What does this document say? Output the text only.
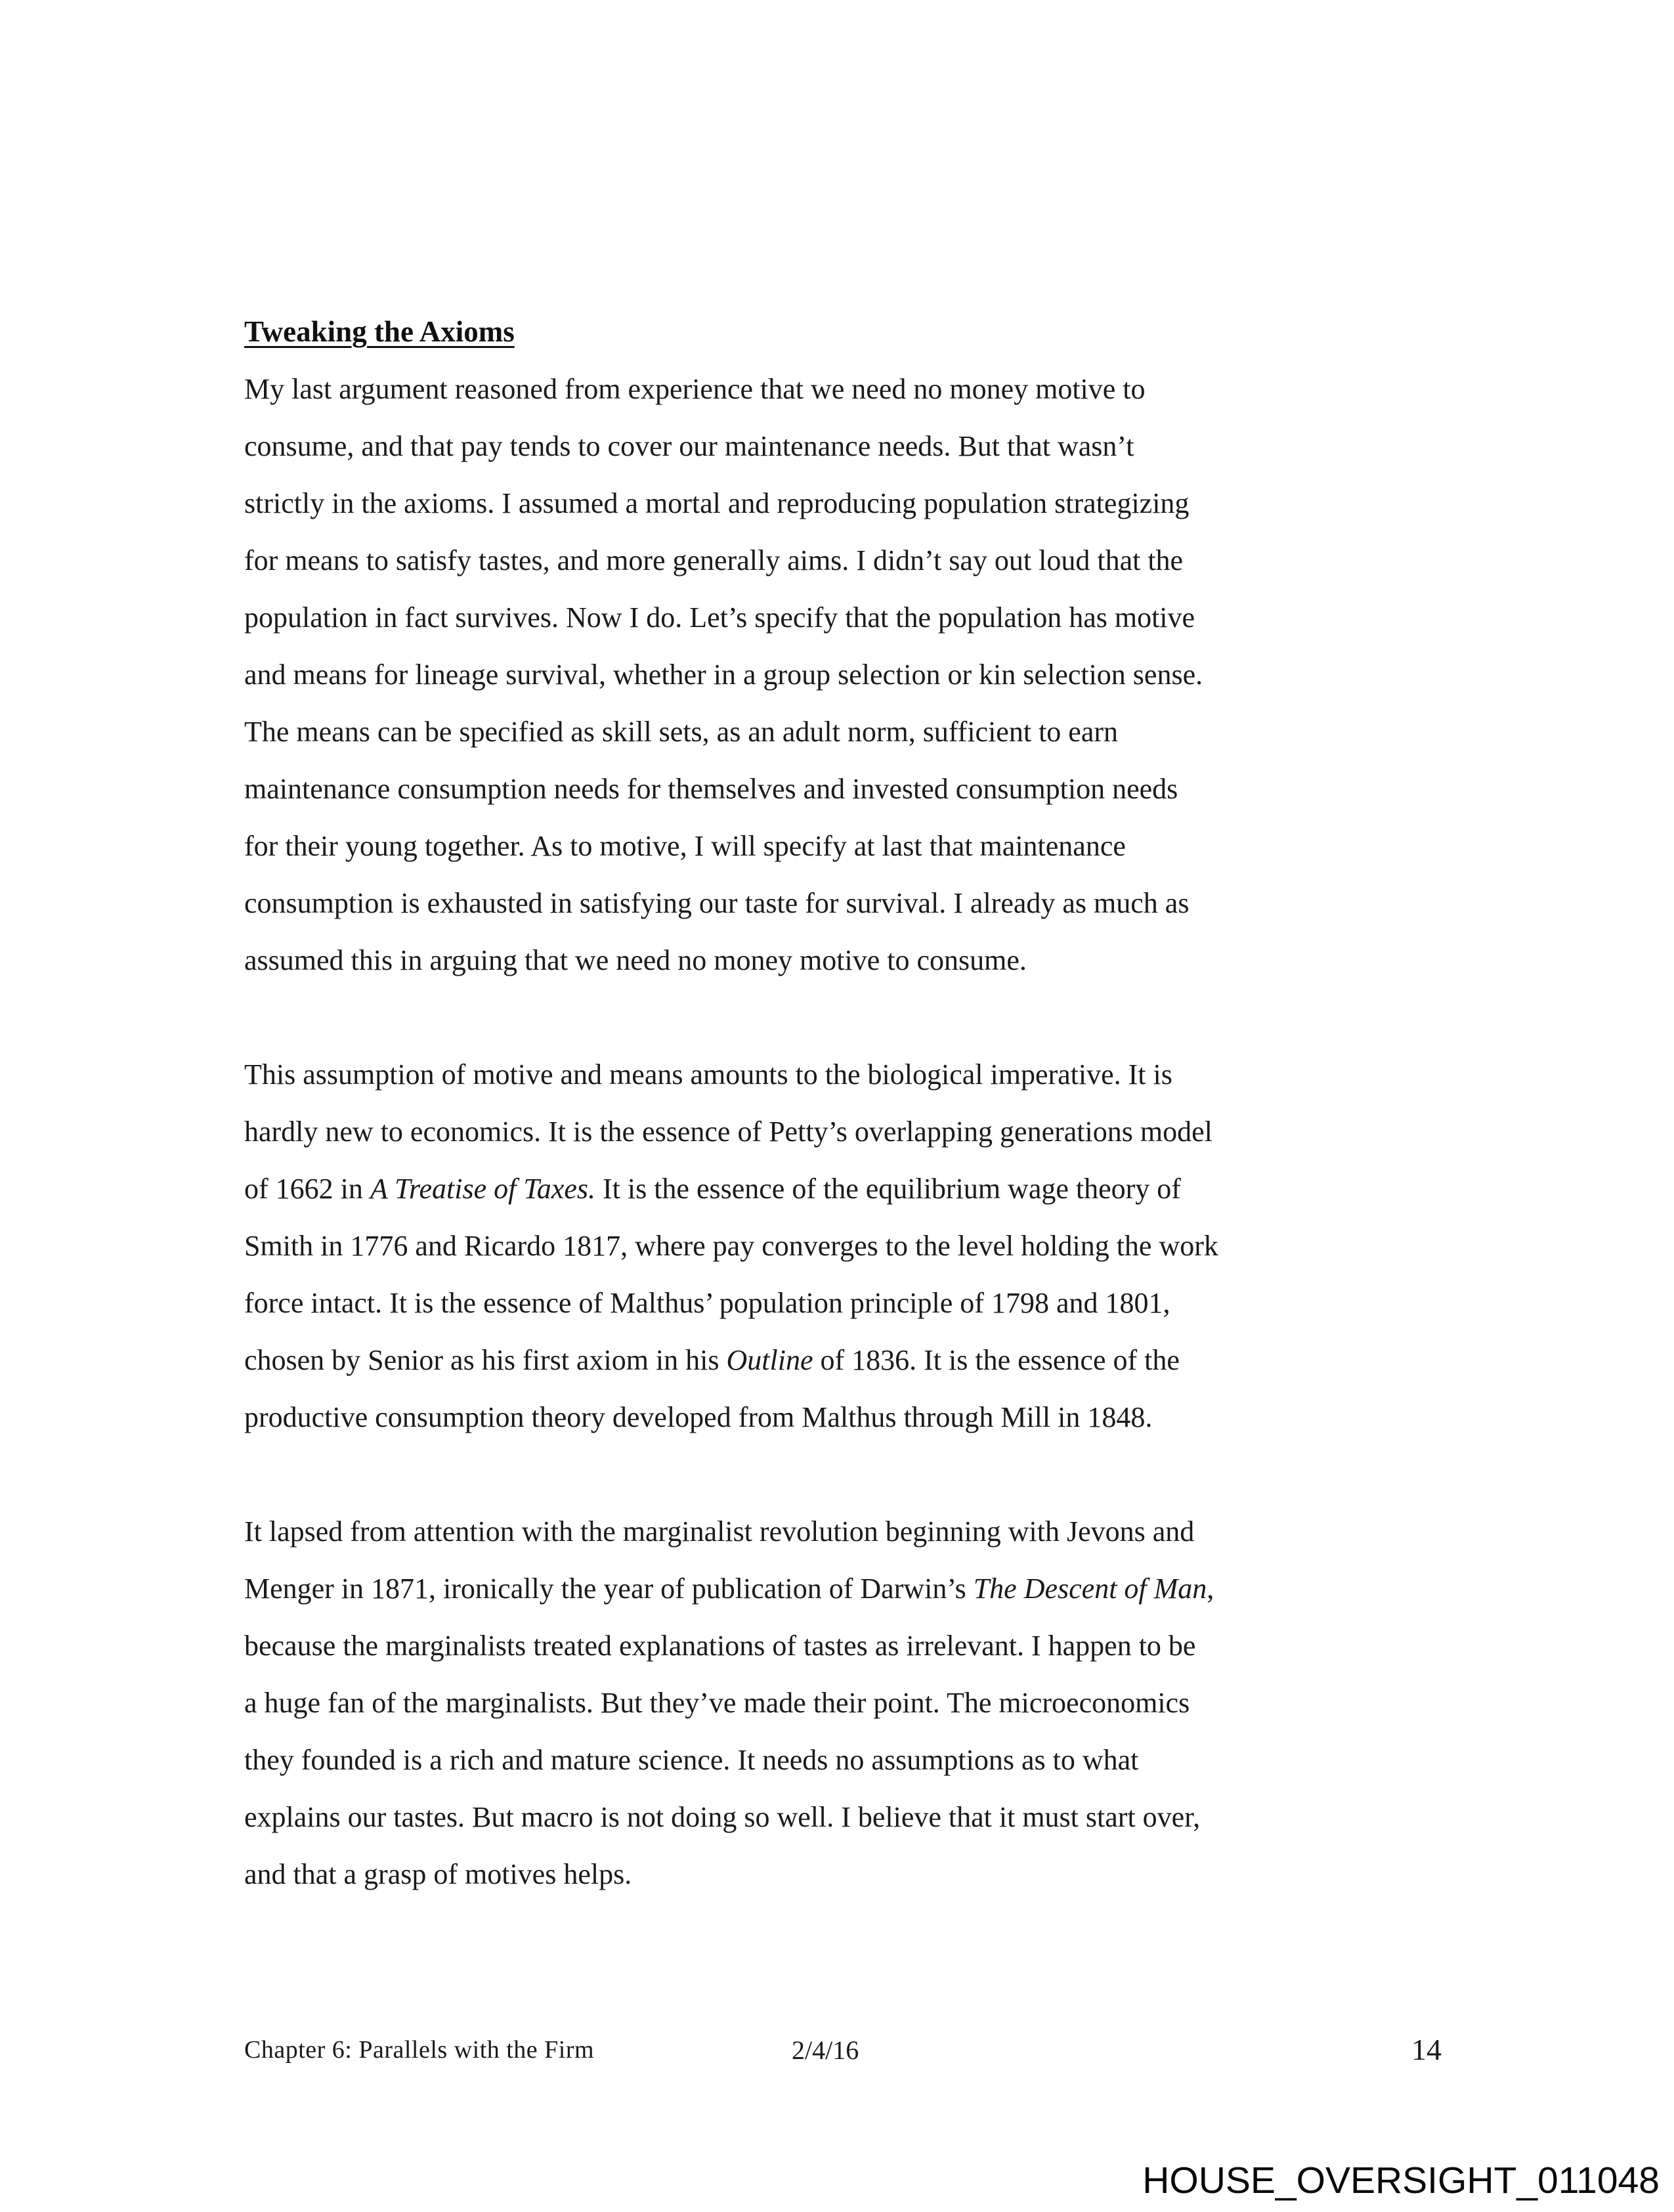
Tweaking the Axioms
My last argument reasoned from experience that we need no money motive to
consume, and that pay tends to cover our maintenance needs. But that wasn’t
strictly in the axioms. I assumed a mortal and reproducing population strategizing
for means to satisfy tastes, and more generally aims. I didn’t say out loud that the
population in fact survives. Now I do. Let’s specify that the population has motive
and means for lineage survival, whether in a group selection or kin selection sense.
The means can be specified as skill sets, as an adult norm, sufficient to earn
maintenance consumption needs for themselves and invested consumption needs
for their young together. As to motive, I will specify at last that maintenance
consumption is exhausted in satisfying our taste for survival. I already as much as
assumed this in arguing that we need no money motive to consume.
This assumption of motive and means amounts to the biological imperative. It is
hardly new to economics. It is the essence of Petty’s overlapping generations model
of 1662 in A Treatise of Taxes. It is the essence of the equilibrium wage theory of
Smith in 1776 and Ricardo 1817, where pay converges to the level holding the work
force intact. It is the essence of Malthus’ population principle of 1798 and 1801,
chosen by Senior as his first axiom in his Outline of 1836. It is the essence of the
productive consumption theory developed from Malthus through Mill in 1848.
It lapsed from attention with the marginalist revolution beginning with Jevons and
Menger in 1871, ironically the year of publication of Darwin’s The Descent of Man,
because the marginalists treated explanations of tastes as irrelevant. I happen to be
a huge fan of the marginalists. But they’ve made their point. The microeconomics
they founded is a rich and mature science. It needs no assumptions as to what
explains our tastes. But macro is not doing so well. I believe that it must start over,
and that a grasp of motives helps.
Chapter 6: Parallels with the Firm	2/4/16	14
HOUSE_OVERSIGHT_011048
